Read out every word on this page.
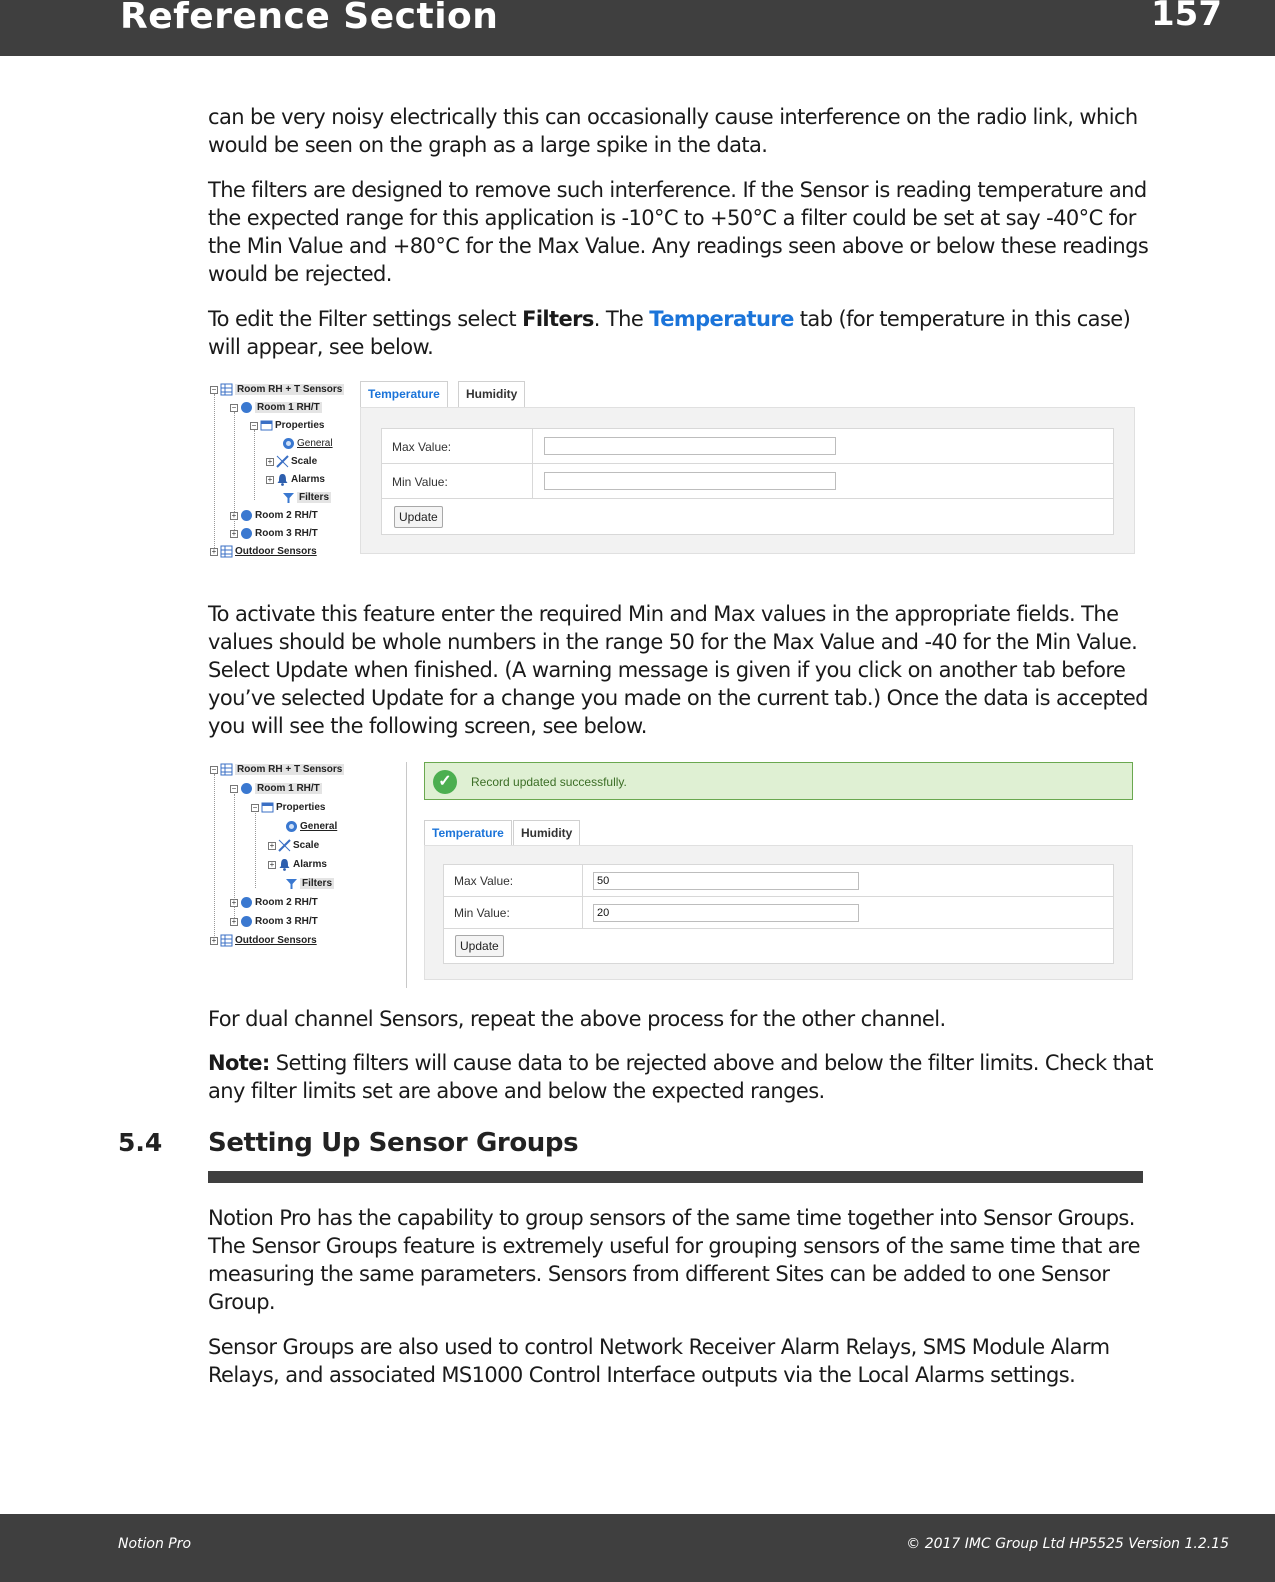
Reference Section	157

can be very noisy electrically this can occasionally cause interference on the radio link, which would be seen on the graph as a large spike in the data.

The filters are designed to remove such interference. If the Sensor is reading temperature and the expected range for this application is -10°C to +50°C a filter could be set at say -40°C for the Min Value and +80°C for the Max Value. Any readings seen above or below these readings would be rejected.

To edit the Filter settings select Filters. The Temperature tab (for temperature in this case) will appear, see below.

− Room RH + T Sensors
− Room 1 RH/T
− Properties
General
+ Scale
+ Alarms
Filters
+ Room 2 RH/T
+ Room 3 RH/T
+ Outdoor Sensors
Temperature	Humidity
Max Value:
Min Value:
Update

To activate this feature enter the required Min and Max values in the appropriate fields. The values should be whole numbers in the range 50 for the Max Value and -40 for the Min Value. Select Update when finished. (A warning message is given if you click on another tab before you’ve selected Update for a change you made on the current tab.) Once the data is accepted you will see the following screen, see below.

− Room RH + T Sensors
− Room 1 RH/T
− Properties
General
+ Scale
+ Alarms
Filters
+ Room 2 RH/T
+ Room 3 RH/T
+ Outdoor Sensors
✓	Record updated successfully.
Temperature	Humidity
Max Value:
50
Min Value:
20
Update

For dual channel Sensors, repeat the above process for the other channel.

Note: Setting filters will cause data to be rejected above and below the filter limits. Check that any filter limits set are above and below the expected ranges.

5.4 Setting Up Sensor Groups

Notion Pro has the capability to group sensors of the same time together into Sensor Groups. The Sensor Groups feature is extremely useful for grouping sensors of the same time that are measuring the same parameters. Sensors from different Sites can be added to one Sensor Group.

Sensor Groups are also used to control Network Receiver Alarm Relays, SMS Module Alarm Relays, and associated MS1000 Control Interface outputs via the Local Alarms settings.

Notion Pro	© 2017 IMC Group Ltd HP5525 Version 1.2.15
